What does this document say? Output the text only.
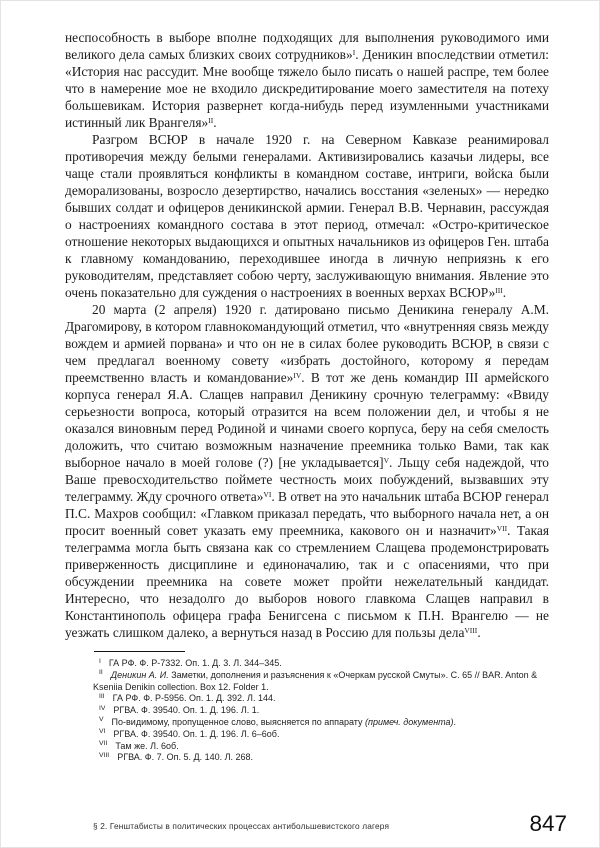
неспособность в выборе вполне подходящих для выполнения руководимого ими великого дела самых близких своих сотрудников»$^I$. Деникин впоследствии отметил: «История нас рассудит. Мне вообще тяжело было писать о нашей распре, тем более что в намерение мое не входило дискредитирование моего заместителя на потеху большевикам. История развернет когда-нибудь перед изумленными участниками истинный лик Врангеля»$^{II}$.

Разгром ВСЮР в начале 1920 г. на Северном Кавказе реанимировал противоречия между белыми генералами. Активизировались казачьи лидеры, все чаще стали проявляться конфликты в командном составе, интриги, войска были деморализованы, возросло дезертирство, начались восстания «зеленых» — нередко бывших солдат и офицеров деникинской армии. Генерал В.В. Чернавин, рассуждая о настроениях командного состава в этот период, отмечал: «Остро-критическое отношение некоторых выдающихся и опытных начальников из офицеров Ген. штаба к главному командованию, переходившее иногда в личную неприязнь к его руководителям, представляет собою черту, заслуживающую внимания. Явление это очень показательно для суждения о настроениях в военных верхах ВСЮР»$^{III}$.

20 марта (2 апреля) 1920 г. датировано письмо Деникина генералу А.М. Драгомирову, в котором главнокомандующий отметил, что «внутренняя связь между вождем и армией порвана» и что он не в силах более руководить ВСЮР, в связи с чем предлагал военному совету «избрать достойного, которому я передам преемственно власть и командование»$^{IV}$. В тот же день командир III армейского корпуса генерал Я.А. Слащев направил Деникину срочную телеграмму: «Ввиду серьезности вопроса, который отразится на всем положении дел, и чтобы я не оказался виновным перед Родиной и чинами своего корпуса, беру на себя смелость доложить, что считаю возможным назначение преемника только Вами, так как выборное начало в моей голове (?) [не укладывается]$^V$. Льщу себя надеждой, что Ваше превосходительство поймете честность моих побуждений, вызвавших эту телеграмму. Жду срочного ответа»$^{VI}$. В ответ на это начальник штаба ВСЮР генерал П.С. Махров сообщил: «Главком приказал передать, что выборного начала нет, а он просит военный совет указать ему преемника, какового он и назначит»$^{VII}$. Такая телеграмма могла быть связана как со стремлением Слащева продемонстрировать приверженность дисциплине и единоначалию, так и с опасениями, что при обсуждении преемника на совете может пройти нежелательный кандидат. Интересно, что незадолго до выборов нового главкома Слащев направил в Константинополь офицера графа Бенигсена с письмом к П.Н. Врангелю — не уезжать слишком далеко, а вернуться назад в Россию для пользы дела$^{VIII}$.

$^I$ ГА РФ. Ф. Р-7332. Оп. 1. Д. 3. Л. 344–345.

$^{II}$ Деникин А. И. Заметки, дополнения и разъяснения к «Очеркам русской Смуты». С. 65 // BAR. Anton & Kseniia Denikin collection. Box 12. Folder 1.

$^{III}$ ГА РФ. Ф. Р-5956. Оп. 1. Д. 392. Л. 144.

$^{IV}$ РГВА. Ф. 39540. Оп. 1. Д. 196. Л. 1.

$^V$ По-видимому, пропущенное слово, выясняется по аппарату (примеч. документа).

$^{VI}$ РГВА. Ф. 39540. Оп. 1. Д. 196. Л. 6–6об.

$^{VII}$ Там же. Л. 6об.

$^{VIII}$ РГВА. Ф. 7. Оп. 5. Д. 140. Л. 268.

§ 2. Генштабисты в политических процессах антибольшевистского лагеря	847
